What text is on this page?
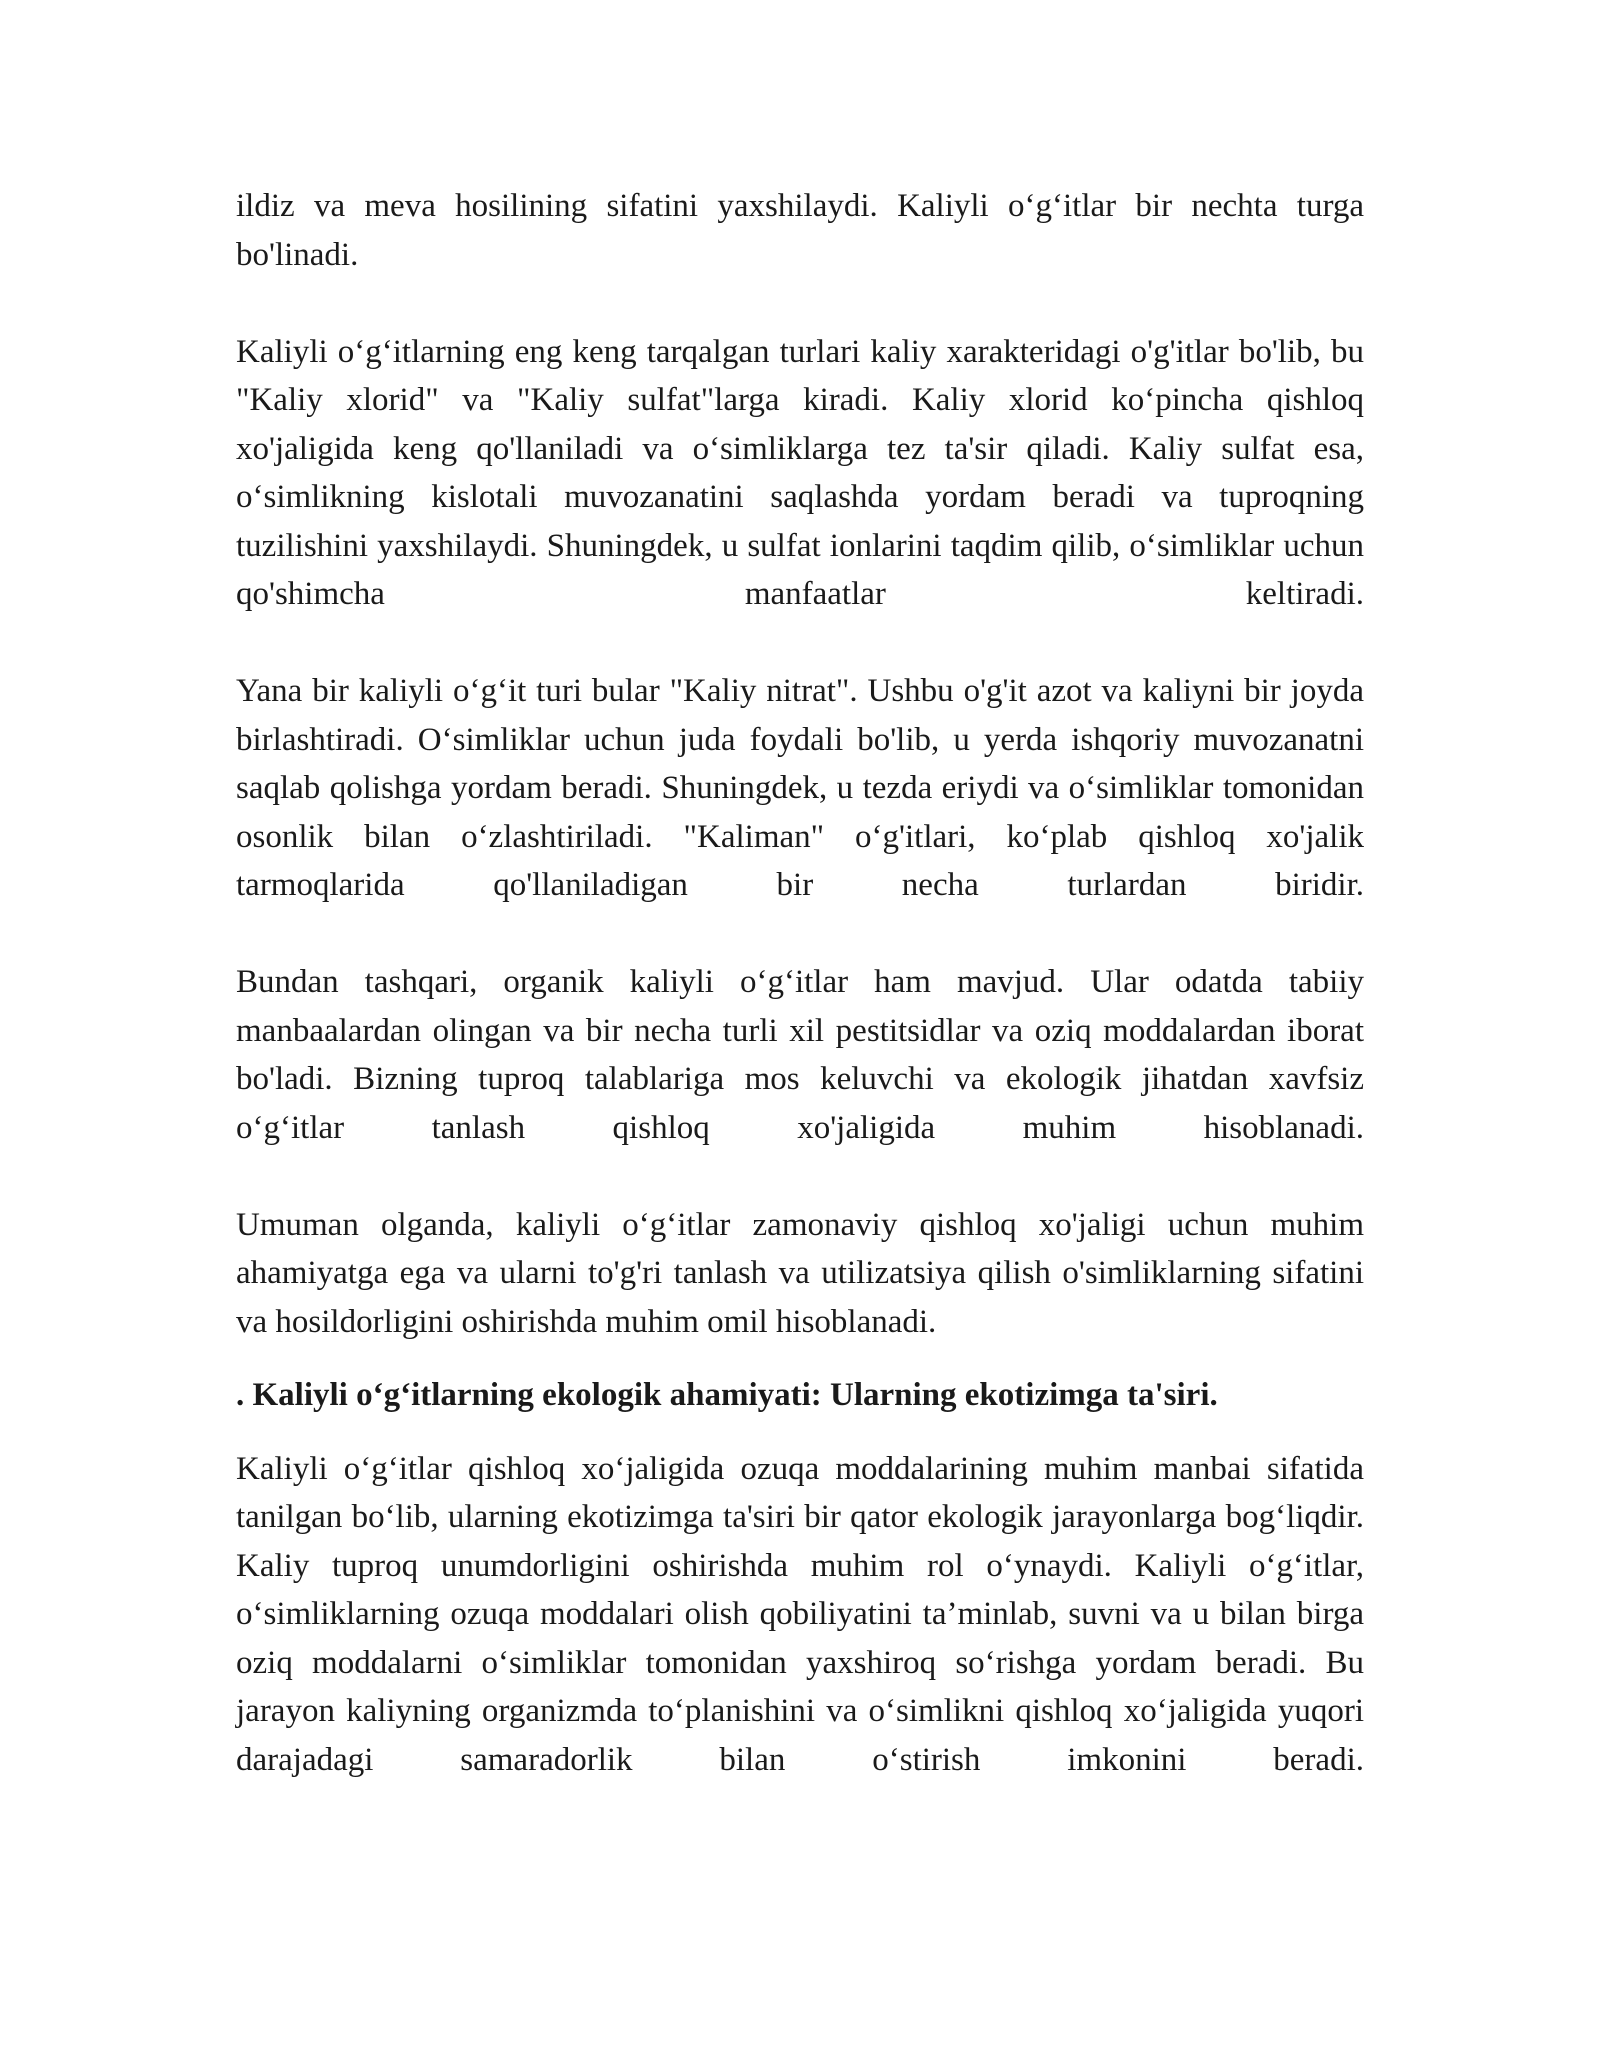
ildiz va meva hosilining sifatini yaxshilaydi. Kaliyli o‘g‘itlar bir nechta turga bo'linadi.

Kaliyli o‘g‘itlarning eng keng tarqalgan turlari kaliy xarakteridagi o'g'itlar bo'lib, bu "Kaliy xlorid" va "Kaliy sulfat"larga kiradi. Kaliy xlorid ko‘pincha qishloq xo'jaligida keng qo'llaniladi va o‘simliklarga tez ta'sir qiladi. Kaliy sulfat esa, o‘simlikning kislotali muvozanatini saqlashda yordam beradi va tuproqning tuzilishini yaxshilaydi. Shuningdek, u sulfat ionlarini taqdim qilib, o‘simliklar uchun qo'shimcha manfaatlar keltiradi.

Yana bir kaliyli o‘g‘it turi bular "Kaliy nitrat". Ushbu o'g'it azot va kaliyni bir joyda birlashtiradi. O‘simliklar uchun juda foydali bo'lib, u yerda ishqoriy muvozanatni saqlab qolishga yordam beradi. Shuningdek, u tezda eriydi va o‘simliklar tomonidan osonlik bilan o‘zlashtiriladi. "Kaliman" o‘g'itlari, ko‘plab qishloq xo'jalik tarmoqlarida qo'llaniladigan bir necha turlardan biridir.

Bundan tashqari, organik kaliyli o‘g‘itlar ham mavjud. Ular odatda tabiiy manbaalardan olingan va bir necha turli xil pestitsidlar va oziq moddalardan iborat bo'ladi. Bizning tuproq talablariga mos keluvchi va ekologik jihatdan xavfsiz o‘g‘itlar tanlash qishloq xo'jaligida muhim hisoblanadi.

Umuman olganda, kaliyli o‘g‘itlar zamonaviy qishloq xo'jaligi uchun muhim ahamiyatga ega va ularni to'g'ri tanlash va utilizatsiya qilish o'simliklarning sifatini va hosildorligini oshirishda muhim omil hisoblanadi.

. Kaliyli o‘g‘itlarning ekologik ahamiyati: Ularning ekotizimga ta'siri.

Kaliyli o‘g‘itlar qishloq xo‘jaligida ozuqa moddalarining muhim manbai sifatida tanilgan bo‘lib, ularning ekotizimga ta'siri bir qator ekologik jarayonlarga bog‘liqdir. Kaliy tuproq unumdorligini oshirishda muhim rol o‘ynaydi. Kaliyli o‘g‘itlar, o‘simliklarning ozuqa moddalari olish qobiliyatini ta’minlab, suvni va u bilan birga oziq moddalarni o‘simliklar tomonidan yaxshiroq so‘rishga yordam beradi. Bu jarayon kaliyning organizmda to‘planishini va o‘simlikni qishloq xo‘jaligida yuqori darajadagi samaradorlik bilan o‘stirish imkonini beradi.
